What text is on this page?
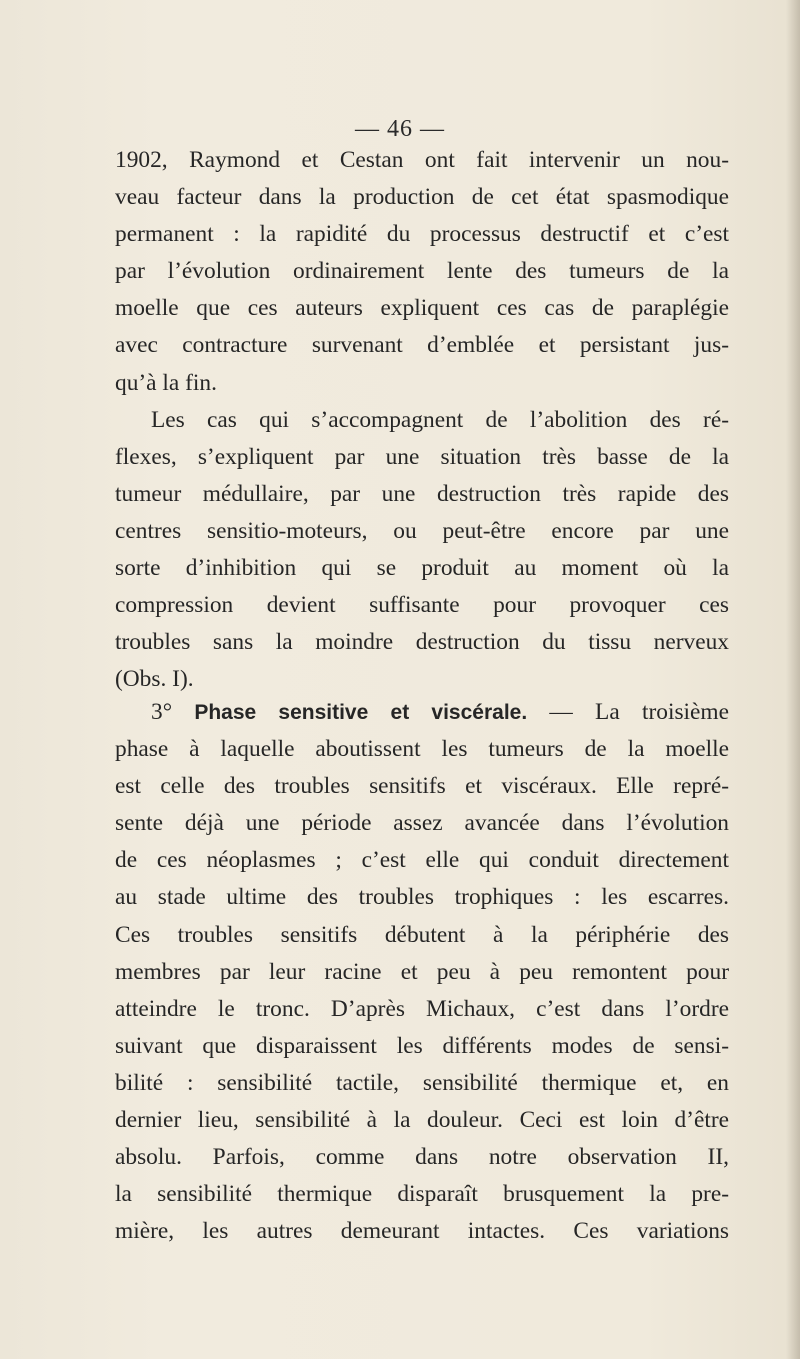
— 46 —
1902, Raymond et Cestan ont fait intervenir un nou-
veau facteur dans la production de cet état spasmodique
permanent : la rapidité du processus destructif et c’est
par l’évolution ordinairement lente des tumeurs de la
moelle que ces auteurs expliquent ces cas de paraplégie
avec contracture survenant d’emblée et persistant jus-
qu’à la fin.
Les cas qui s’accompagnent de l’abolition des ré-
flexes, s’expliquent par une situation très basse de la
tumeur médullaire, par une destruction très rapide des
centres sensitio-moteurs, ou peut-être encore par une
sorte d’inhibition qui se produit au moment où la
compression devient suffisante pour provoquer ces
troubles sans la moindre destruction du tissu nerveux
(Obs. I).
3° Phase sensitive et viscérale. — La troisième
phase à laquelle aboutissent les tumeurs de la moelle
est celle des troubles sensitifs et viscéraux. Elle repré-
sente déjà une période assez avancée dans l’évolution
de ces néoplasmes ; c’est elle qui conduit directement
au stade ultime des troubles trophiques : les escarres.
Ces troubles sensitifs débutent à la périphérie des
membres par leur racine et peu à peu remontent pour
atteindre le tronc. D’après Michaux, c’est dans l’ordre
suivant que disparaissent les différents modes de sensi-
bilité : sensibilité tactile, sensibilité thermique et, en
dernier lieu, sensibilité à la douleur. Ceci est loin d’être
absolu. Parfois, comme dans notre observation II,
la sensibilité thermique disparaît brusquement la pre-
mière, les autres demeurant intactes. Ces variations
